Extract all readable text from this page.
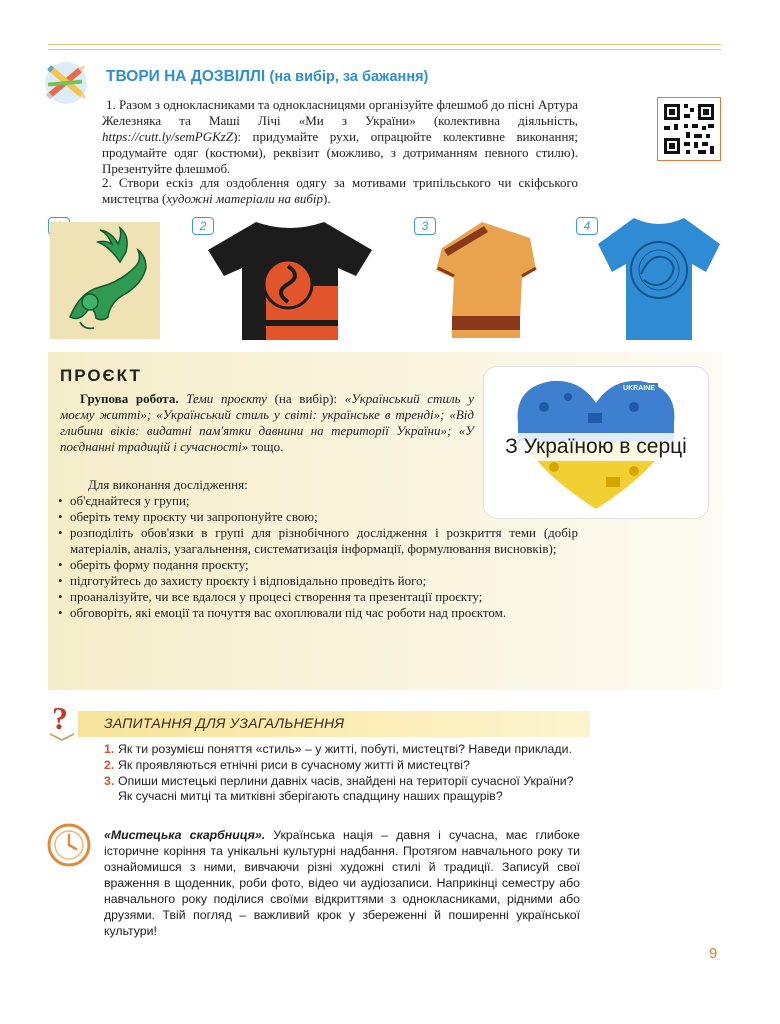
ТВОРИ НА ДОЗВІЛЛІ (на вибір, за бажання)
1. Разом з однокласниками та однокласницями організуйте флешмоб до пісні Артура Железняка та Маші Лічі «Ми з України» (колективна діяльність, https://cutt.ly/semPGKzZ): придумайте рухи, опрацюйте колективне виконання; продумайте одяг (костюми), реквізит (можливо, з дотриманням певного стилю). Презентуйте флешмоб.
2. Створи ескіз для оздоблення одягу за мотивами трипільського чи скіфського мистецтва (художні матеріали на вибір).
2	3	4
ПРОЄКТ
Групова робота. Теми проєкту (на вибір): «Український стиль у моєму житті»; «Український стиль у світі: українське в тренді»; «Від глибини віків: видатні пам'ятки давнини на території України»; «У поєднанні традицій і сучасності» тощо.
UKRAINE
З Україною в серці
Для виконання дослідження:
• об'єднайтеся у групи;
• оберіть тему проєкту чи запропонуйте свою;
• розподіліть обов'язки в групі для різнобічного дослідження і розкриття теми (добір матеріалів, аналіз, узагальнення, систематизація інформації, формулювання висновків);
• оберіть форму подання проєкту;
• підготуйтесь до захисту проєкту і відповідально проведіть його;
• проаналізуйте, чи все вдалося у процесі створення та презентації проєкту;
• обговоріть, які емоції та почуття вас охоплювали під час роботи над проєктом.
?	ЗАПИТАННЯ ДЛЯ УЗАГАЛЬНЕННЯ
1. Як ти розумієш поняття «стиль» – у житті, побуті, мистецтві? Наведи приклади.
2. Як проявляються етнічні риси в сучасному житті й мистецтві?
3. Опиши мистецькі перлини давніх часів, знайдені на території сучасної України? Як сучасні митці та митківні зберігають спадщину наших пращурів?
«Мистецька скарбниця». Українська нація – давня і сучасна, має глибоке історичне коріння та унікальні культурні надбання. Протягом навчального року ти ознайомишся з ними, вивчаючи різні художні стилі й традиції. Записуй свої враження в щоденник, роби фото, відео чи аудіозаписи. Наприкінці семестру або навчального року поділися своїми відкриттями з однокласниками, рідними або друзями. Твій погляд – важливий крок у збереженні й поширенні української культури!
9
